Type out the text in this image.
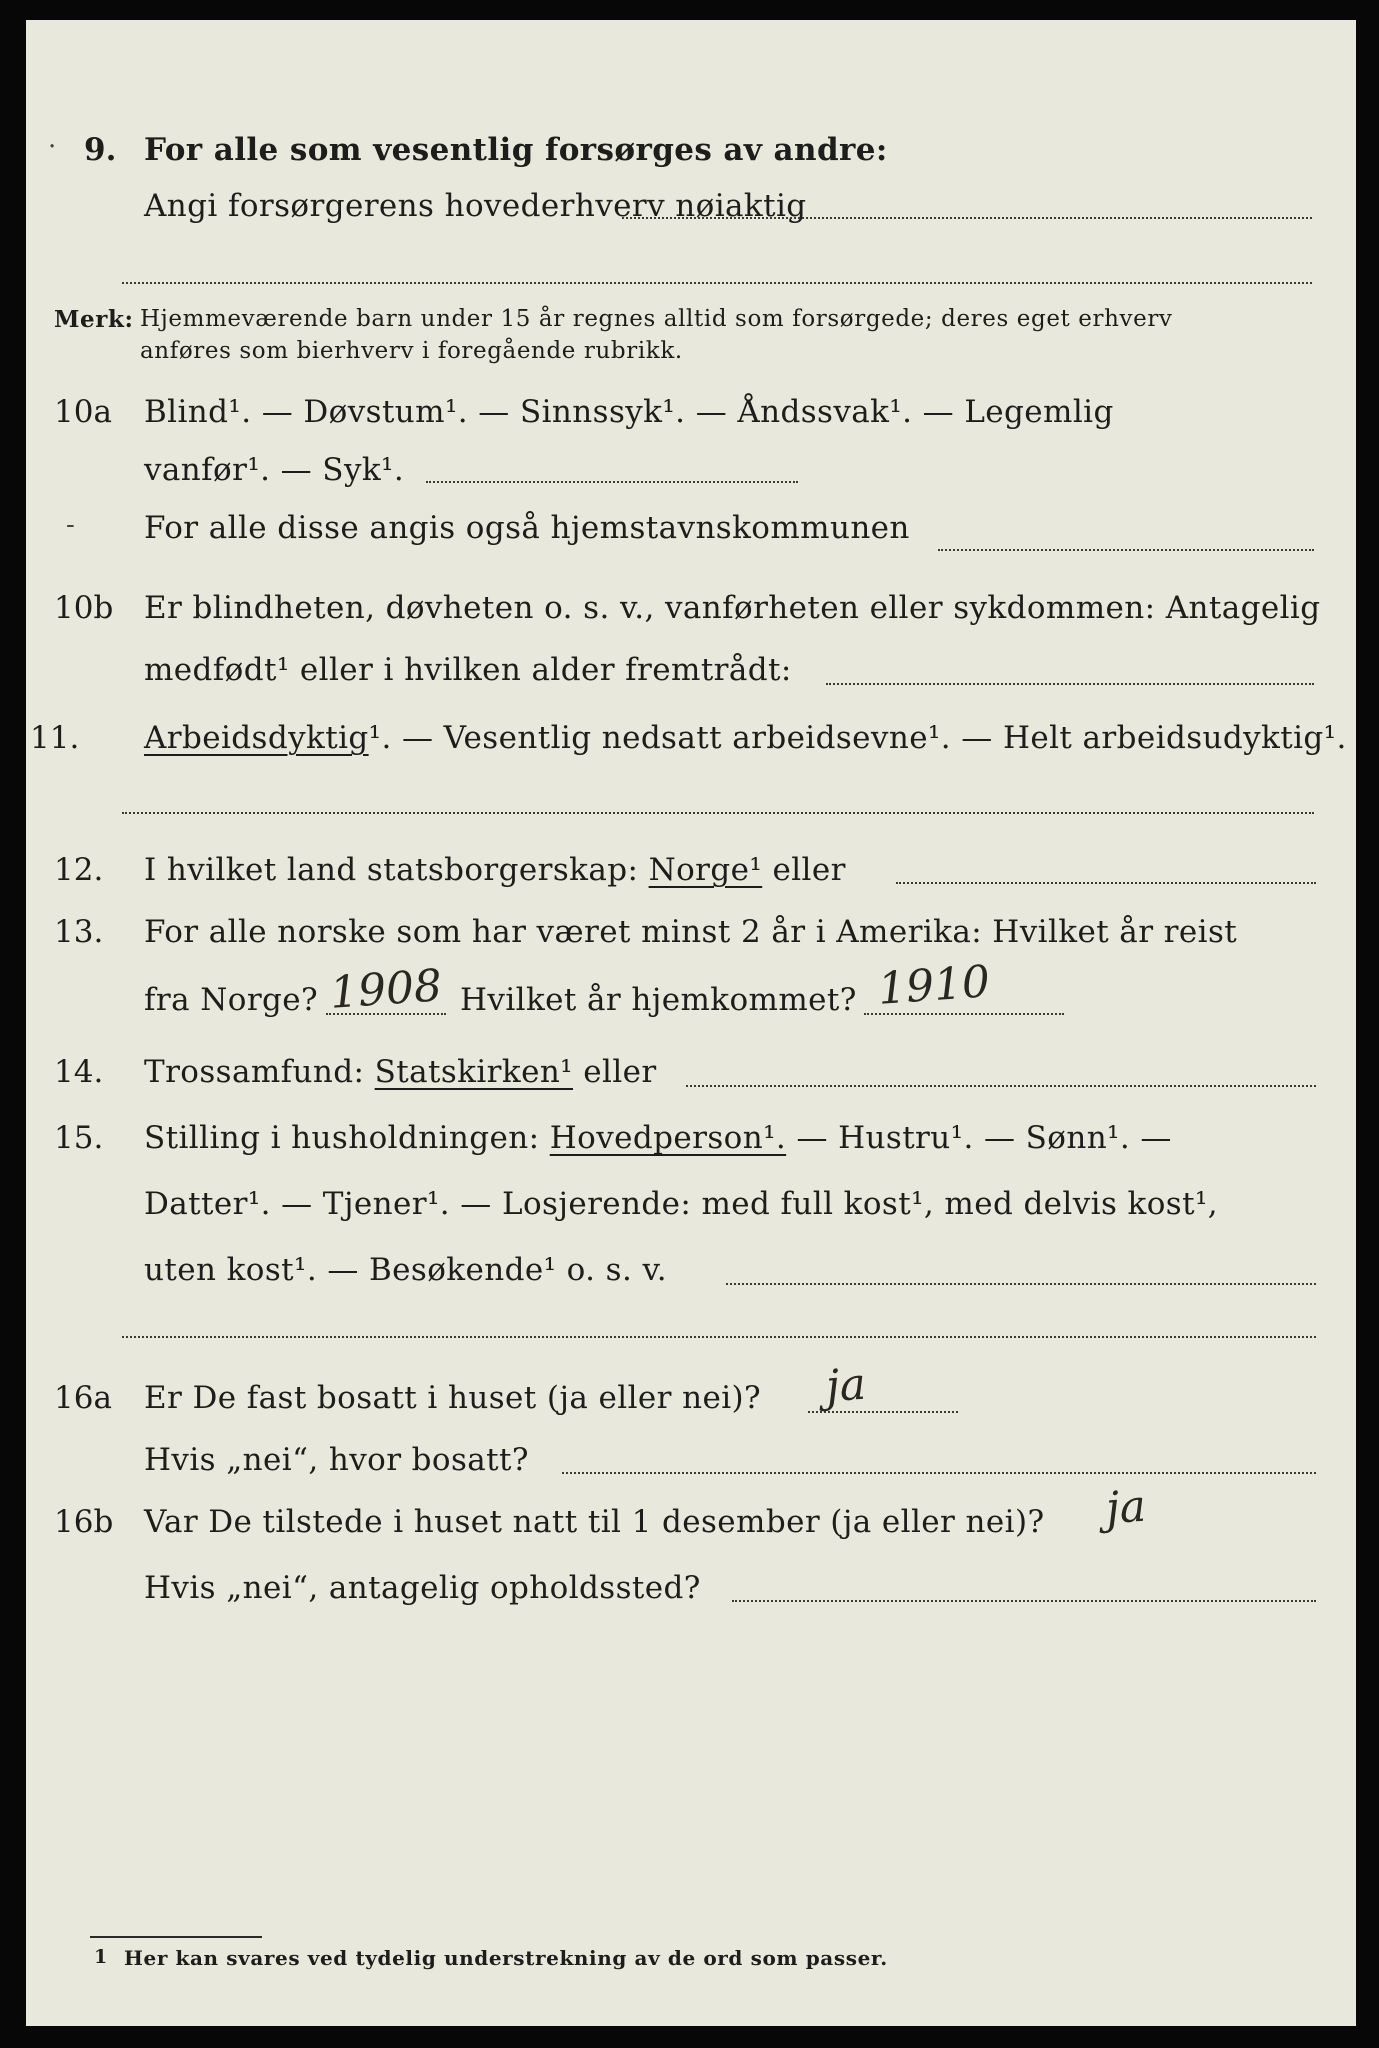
· 9. For alle som vesentlig forsørges av andre:
Angi forsørgerens hovederhverv nøiaktig
Merk: Hjemmeværende barn under 15 år regnes alltid som forsørgede; deres eget erhverv
anføres som bierhverv i foregående rubrikk.
10a Blind¹. — Døvstum¹. — Sinnssyk¹. — Åndssvak¹. — Legemlig
vanfør¹. — Syk¹.
- For alle disse angis også hjemstavnskommunen
10b Er blindheten, døvheten o. s. v., vanførheten eller sykdommen: Antagelig
medfødt¹ eller i hvilken alder fremtrådt:
11. Arbeidsdyktig¹. — Vesentlig nedsatt arbeidsevne¹. — Helt arbeidsudyktig¹.
12. I hvilket land statsborgerskap: Norge¹ eller
13. For alle norske som har været minst 2 år i Amerika: Hvilket år reist
fra Norge? 1908 Hvilket år hjemkommet? 1910
14. Trossamfund: Statskirken¹ eller
15. Stilling i husholdningen: Hovedperson¹. — Hustru¹. — Sønn¹. —
Datter¹. — Tjener¹. — Losjerende: med full kost¹, med delvis kost¹,
uten kost¹. — Besøkende¹ o. s. v.
16a Er De fast bosatt i huset (ja eller nei)? ja
Hvis „nei“, hvor bosatt?
16b Var De tilstede i huset natt til 1 desember (ja eller nei)? ja
Hvis „nei“, antagelig opholdssted?
1 Her kan svares ved tydelig understrekning av de ord som passer.
